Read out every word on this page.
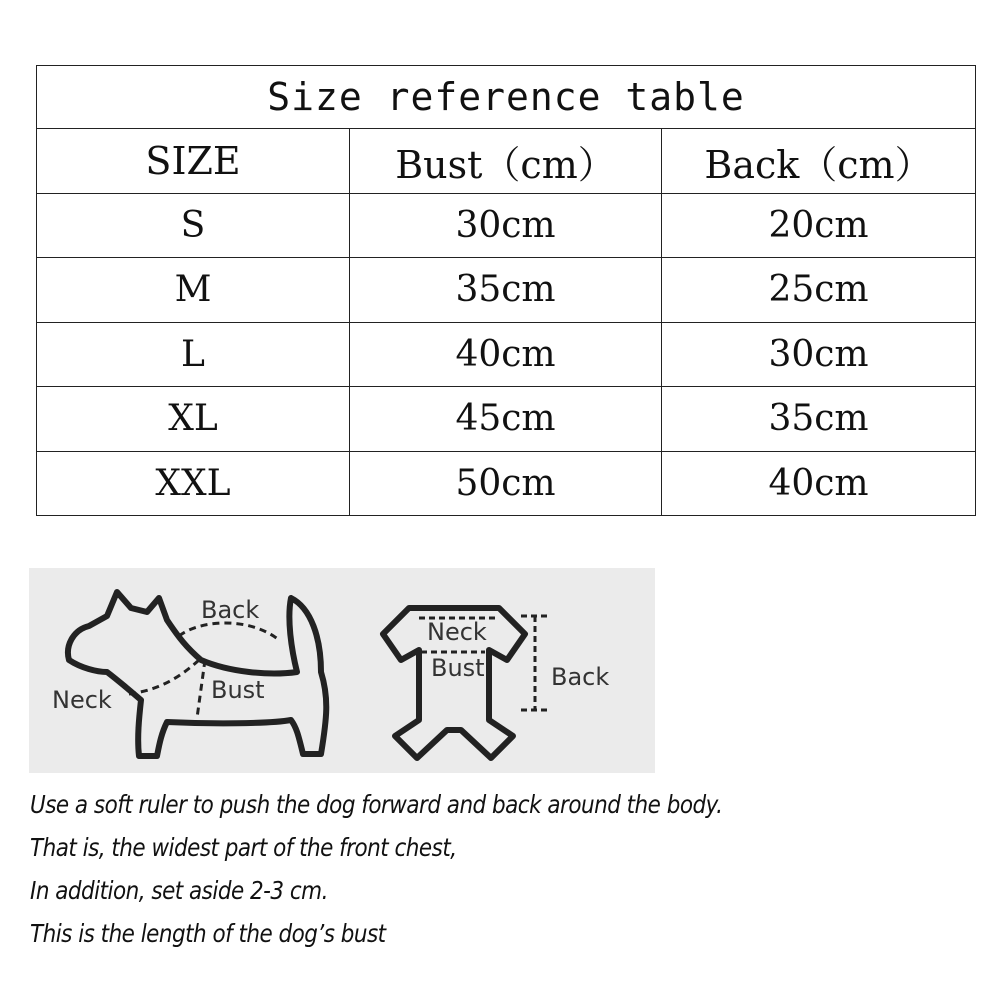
Size reference table		
SIZE	Bust（cm）	Back（cm）
S	30cm	20cm
M	35cm	25cm
L	40cm	30cm
XL	45cm	35cm
XXL	50cm	40cm
Back
Neck	Bust
Neck
Bust	Back
Use a soft ruler to push the dog forward and back around the body.
That is, the widest part of the front chest,
In addition, set aside 2-3 cm.
This is the length of the dog’s bust
